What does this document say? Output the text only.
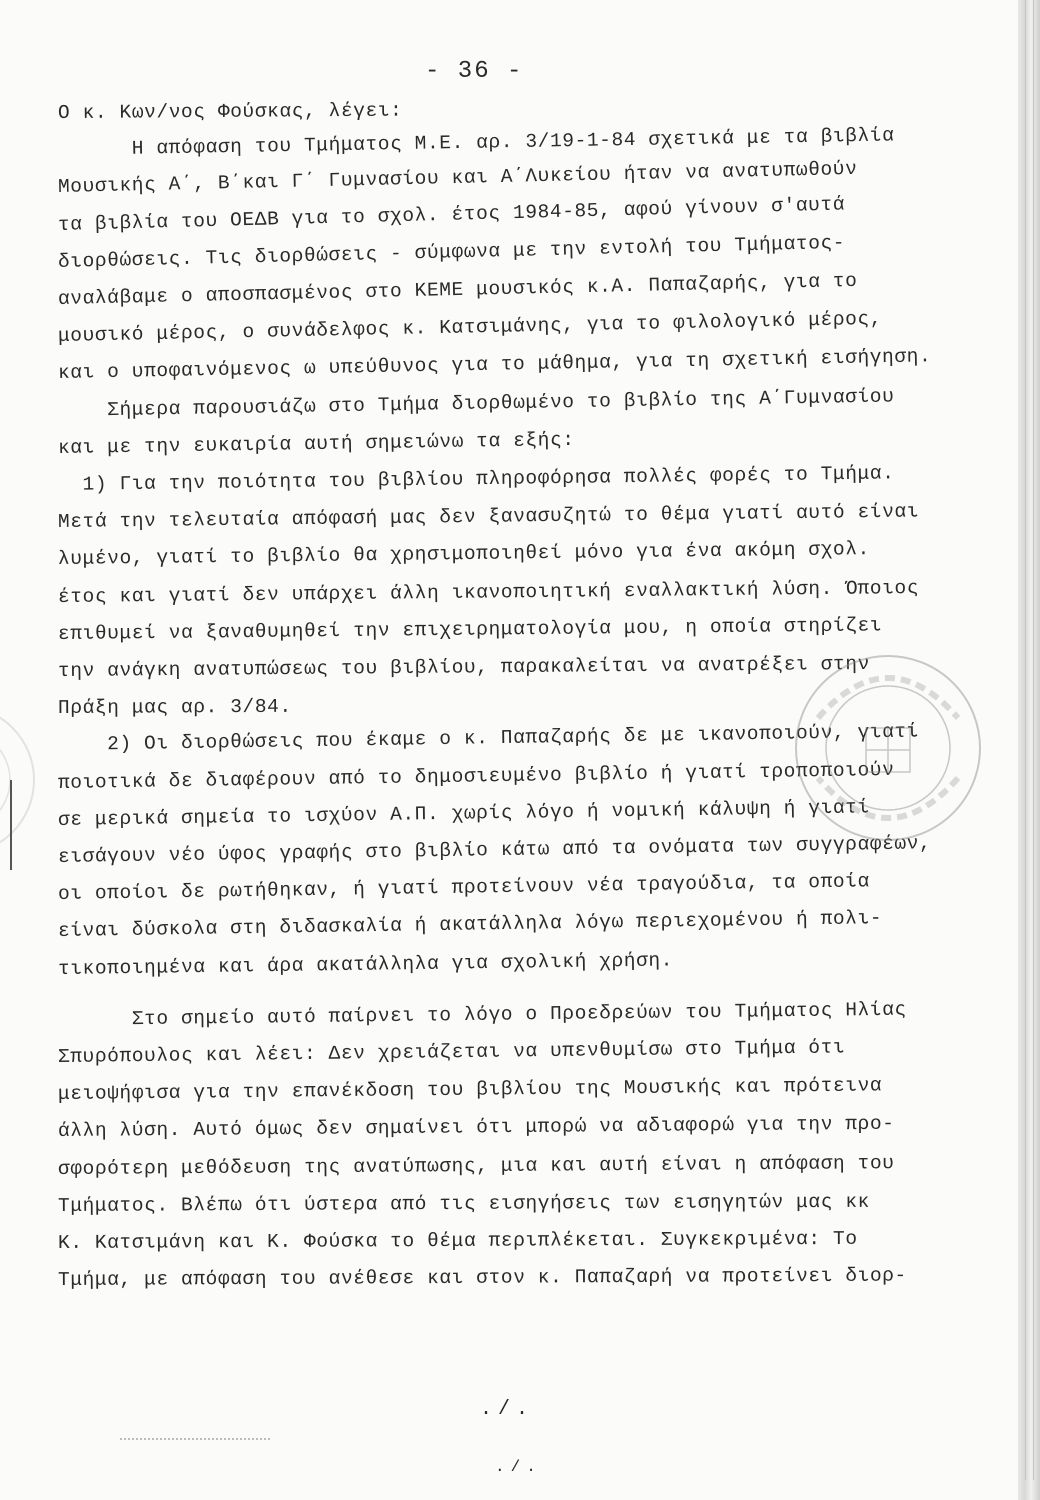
- 36 -
Ο κ. Κων/νος Φούσκας, λέγει:
Η απόφαση του Τμήματος Μ.Ε. αρ. 3/19-1-84 σχετικά με τα βιβλία
Μουσικής Α΄, Β΄και Γ΄ Γυμνασίου και Α΄Λυκείου ήταν να ανατυπωθούν
τα βιβλία του ΟΕΔΒ για το σχολ. έτος 1984-85, αφού γίνουν σ'αυτά
διορθώσεις. Τις διορθώσεις - σύμφωνα με την εντολή του Τμήματος-
αναλάβαμε ο αποσπασμένος στο ΚΕΜΕ μουσικός κ.Α. Παπαζαρής, για το
μουσικό μέρος, ο συνάδελφος κ. Κατσιμάνης, για το φιλολογικό μέρος,
και ο υποφαινόμενος ω υπεύθυνος για το μάθημα, για τη σχετική εισήγηση.
Σήμερα παρουσιάζω στο Τμήμα διορθωμένο το βιβλίο της Α΄Γυμνασίου
και με την ευκαιρία αυτή σημειώνω τα εξής:
1) Για την ποιότητα του βιβλίου πληροφόρησα πολλές φορές το Τμήμα.
Μετά την τελευταία απόφασή μας δεν ξανασυζητώ το θέμα γιατί αυτό είναι
λυμένο, γιατί το βιβλίο θα χρησιμοποιηθεί μόνο για ένα ακόμη σχολ.
έτος και γιατί δεν υπάρχει άλλη ικανοποιητική εναλλακτική λύση. Όποιος
επιθυμεί να ξαναθυμηθεί την επιχειρηματολογία μου, η οποία στηρίζει
την ανάγκη ανατυπώσεως του βιβλίου, παρακαλείται να ανατρέξει στην
Πράξη μας αρ. 3/84.
2) Οι διορθώσεις που έκαμε ο κ. Παπαζαρής δε με ικανοποιούν, γιατί
ποιοτικά δε διαφέρουν από το δημοσιευμένο βιβλίο ή γιατί τροποποιούν
σε μερικά σημεία το ισχύον Α.Π. χωρίς λόγο ή νομική κάλυψη ή γιατί
εισάγουν νέο ύφος γραφής στο βιβλίο κάτω από τα ονόματα των συγγραφέων,
οι οποίοι δε ρωτήθηκαν, ή γιατί προτείνουν νέα τραγούδια, τα οποία
είναι δύσκολα στη διδασκαλία ή ακατάλληλα λόγω περιεχομένου ή πολι-
τικοποιημένα και άρα ακατάλληλα για σχολική χρήση.
Στο σημείο αυτό παίρνει το λόγο ο Προεδρεύων του Τμήματος Ηλίας
Σπυρόπουλος και λέει: Δεν χρειάζεται να υπενθυμίσω στο Τμήμα ότι
μειοψήφισα για την επανέκδοση του βιβλίου της Μουσικής και πρότεινα
άλλη λύση. Αυτό όμως δεν σημαίνει ότι μπορώ να αδιαφορώ για την προ-
σφορότερη μεθόδευση της ανατύπωσης, μια και αυτή είναι η απόφαση του
Τμήματος. Βλέπω ότι ύστερα από τις εισηγήσεις των εισηγητών μας κκ
Κ. Κατσιμάνη και Κ. Φούσκα το θέμα περιπλέκεται. Συγκεκριμένα: Το
Τμήμα, με απόφαση του ανέθεσε και στον κ. Παπαζαρή να προτείνει διορ-
./.
./.
